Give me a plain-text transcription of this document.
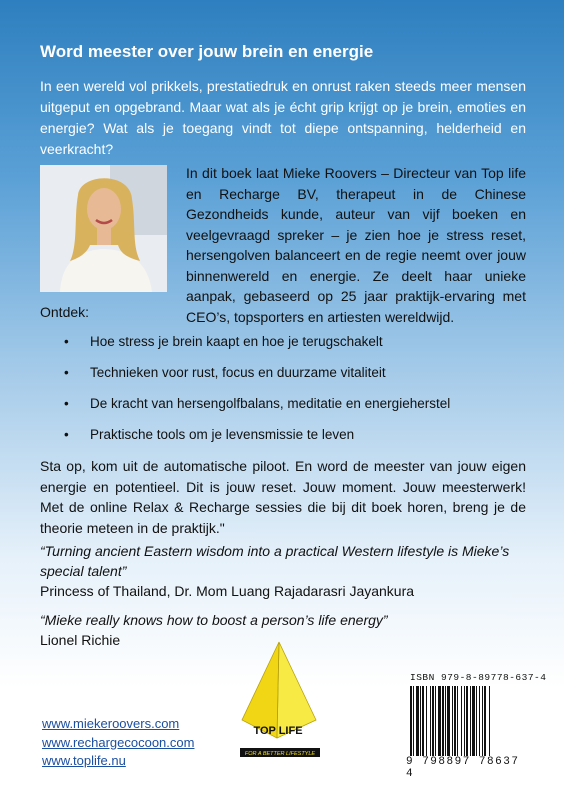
Word meester over jouw brein en energie
In een wereld vol prikkels, prestatiedruk en onrust raken steeds meer mensen uitgeput en opgebrand. Maar wat als je écht grip krijgt op je brein, emoties en energie? Wat als je toegang vindt tot diepe ontspanning, helderheid en veerkracht?
In dit boek laat Mieke Roovers – Directeur van Top life en Recharge BV, therapeut in de Chinese Gezondheids kunde, auteur van vijf boeken en veelgevraagd spreker – je zien hoe je stress reset, hersengolven balanceert en de regie neemt over jouw binnenwereld en energie. Ze deelt haar unieke aanpak, gebaseerd op 25 jaar praktijk-ervaring met CEO’s, topsporters en artiesten wereldwijd.
Ontdek:
• Hoe stress je brein kaapt en hoe je terugschakelt
• Technieken voor rust, focus en duurzame vitaliteit
• De kracht van hersengolfbalans, meditatie en energieherstel
• Praktische tools om je levensmissie te leven
Sta op, kom uit de automatische piloot. En word de meester van jouw eigen energie en potentieel. Dit is jouw reset. Jouw moment. Jouw meesterwerk! Met de online Relax & Recharge sessies die bij dit boek horen, breng je de theorie meteen in de praktijk."
“Turning ancient Eastern wisdom into a practical Western lifestyle is Mieke’s special talent”
Princess of Thailand, Dr. Mom Luang Rajadarasri Jayankura
“Mieke really knows how to boost a person’s life energy”
Lionel Richie
TOP LIFE
FOR A BETTER LIFESTYLE
www.miekeroovers.com
www.rechargecocoon.com
www.toplife.nu
ISBN 979-8-89778-637-4
9 798897 78637 4
